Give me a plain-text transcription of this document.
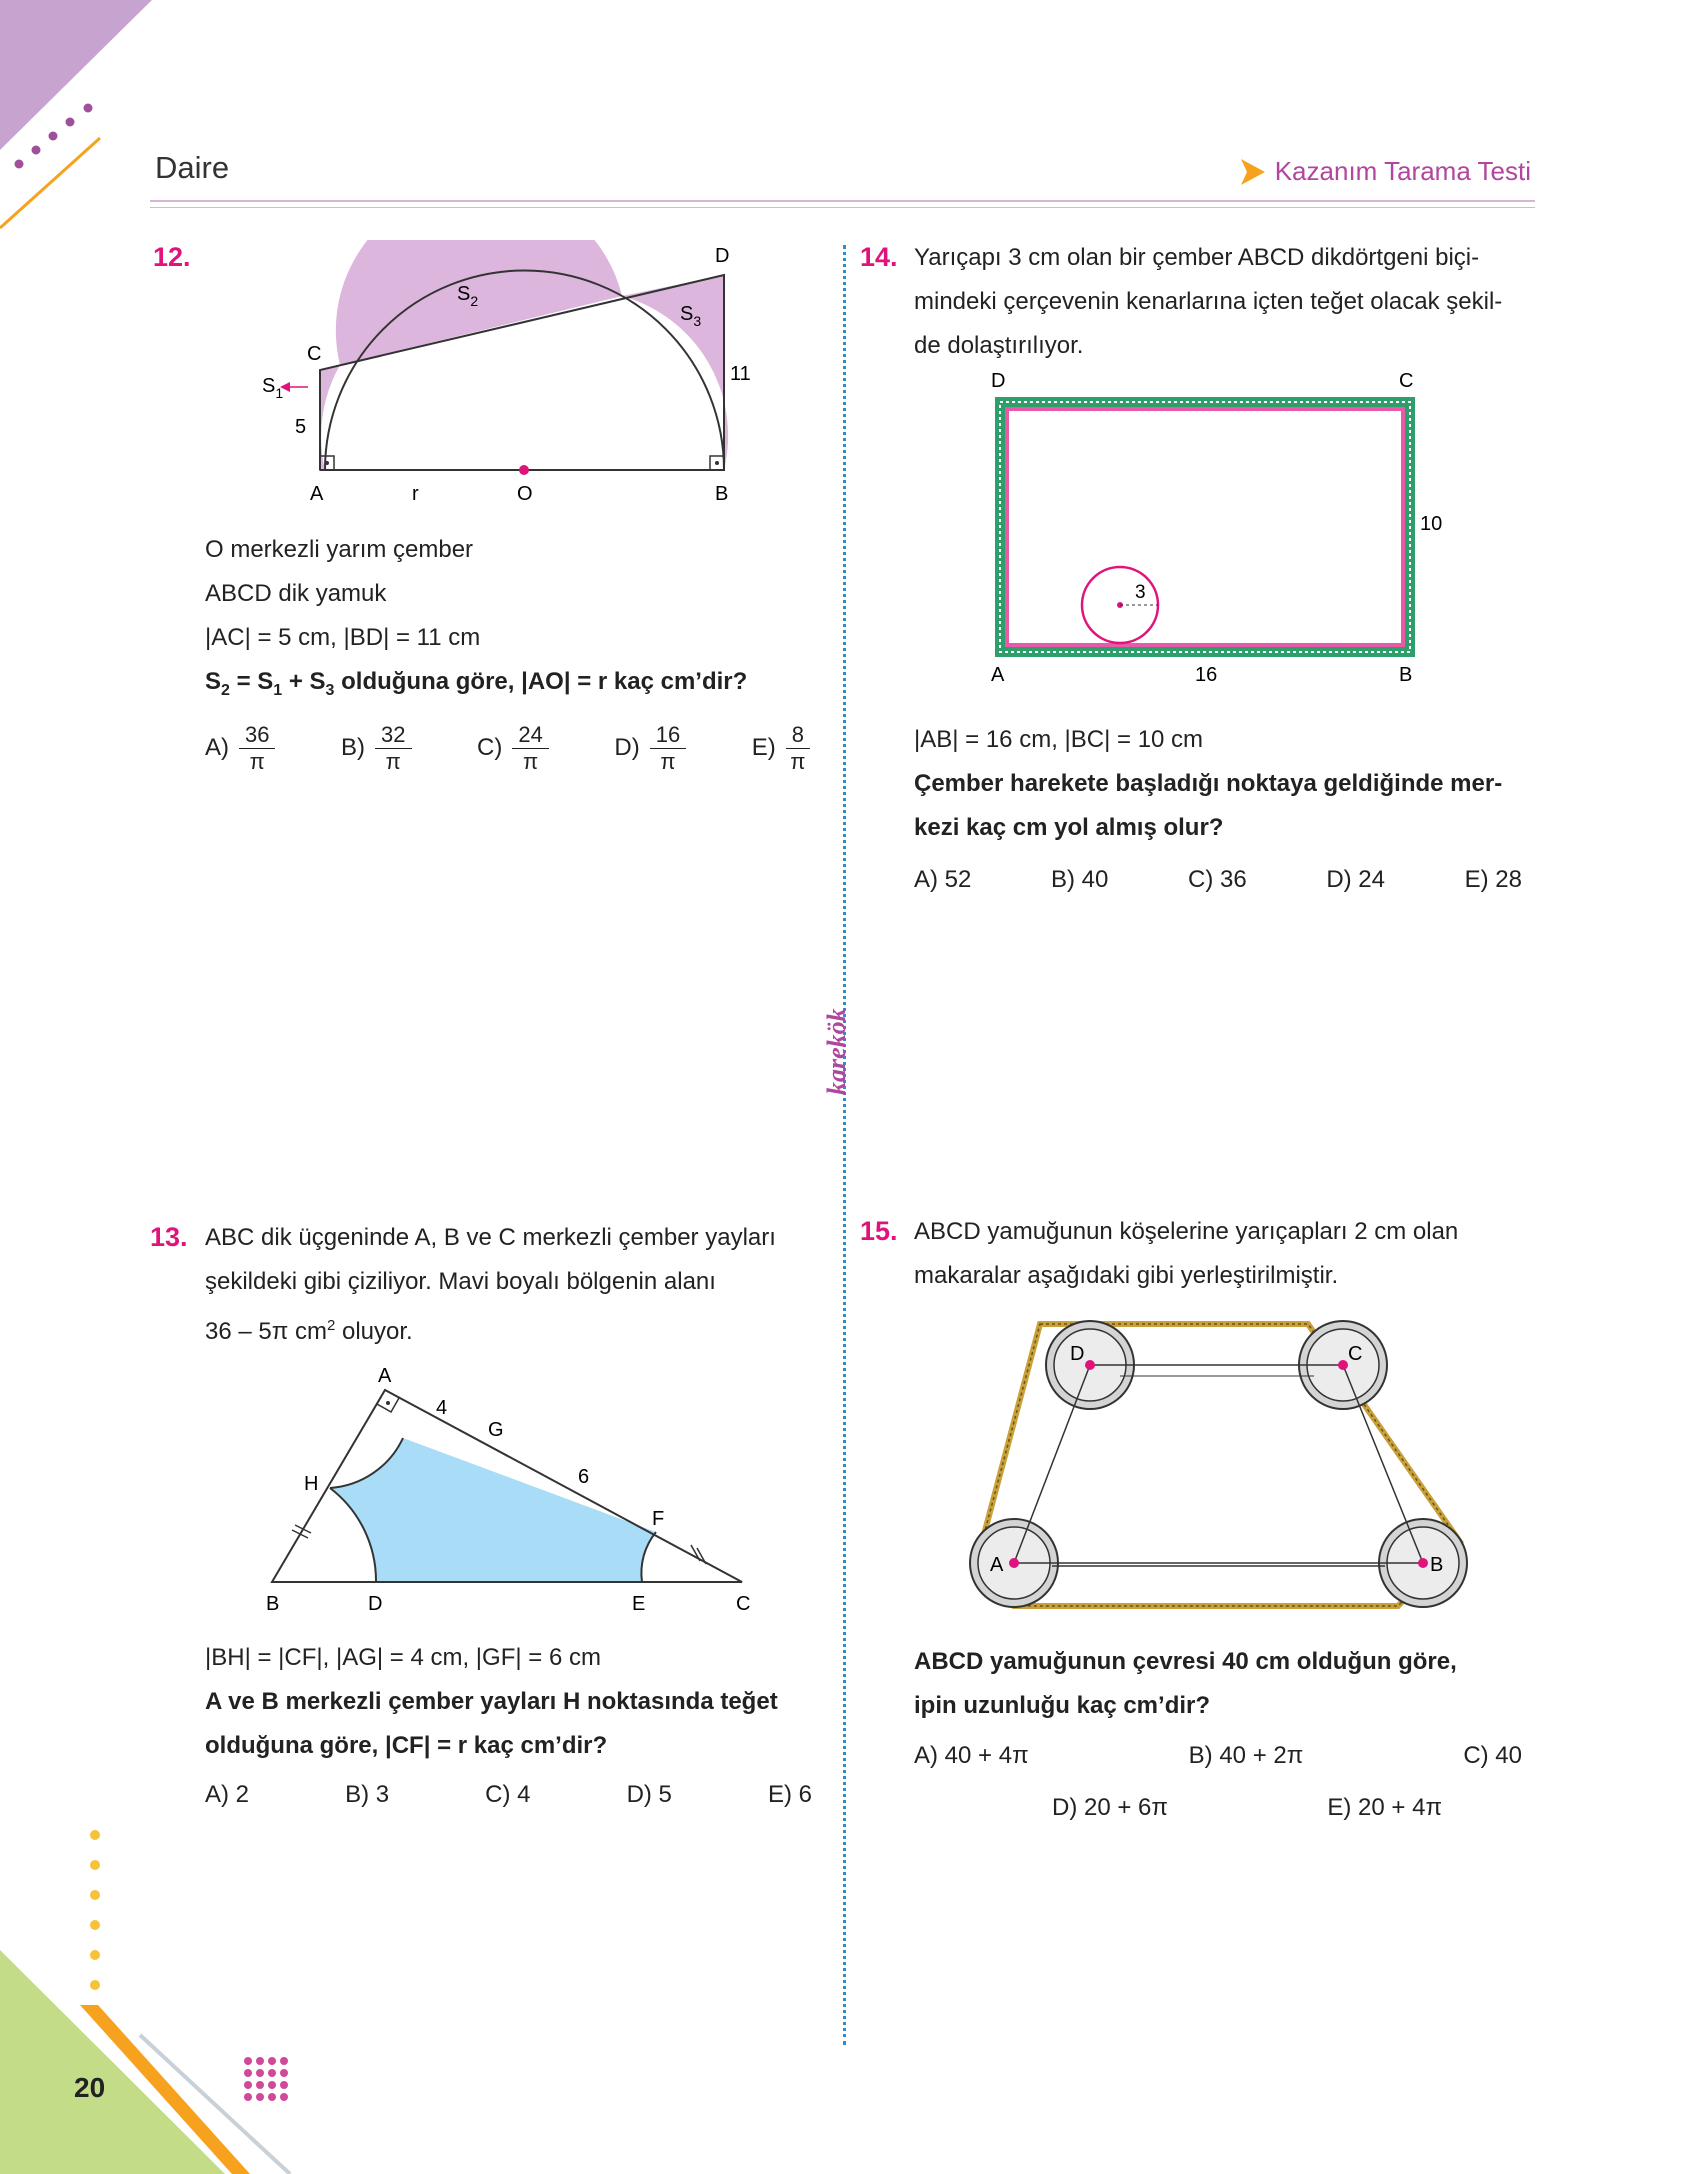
Daire	Kazanım Tarama Testi
karekök
12.
A	r	O	B
D
C
5
11
$S_1$
$S_2$
$S_3$
O merkezli yarım çember
ABCD dik yamuk
|AC| = 5 cm, |BD| = 11 cm
$S_2 = S_1 + S_3$ olduğuna göre, |AO| = r kaç cm’dir?
$A) \frac{36}{\pi}$	$B) \frac{32}{\pi}$	$C) \frac{24}{\pi}$	$D) \frac{16}{\pi}$	$E) \frac{8}{\pi}$
13. ABC dik üçgeninde A, B ve C merkezli çember yayları
şekildeki gibi çiziliyor. Mavi boyalı bölgenin alanı
36 – 5π $cm^2$ oluyor.
A
4
G
6
F
H
B	D	E	C
|BH| = |CF|, |AG| = 4 cm, |GF| = 6 cm
A ve B merkezli çember yayları H noktasında teğet
olduğuna göre, |CF| = r kaç cm’dir?
A) 2	B) 3	C) 4	D) 5	E) 6
14. Yarıçapı 3 cm olan bir çember ABCD dikdörtgeni biçi-
mindeki çerçevenin kenarlarına içten teğet olacak şekil-
de dolaştırılıyor.
3
D	C
A	B
16
10
|AB| = 16 cm, |BC| = 10 cm
Çember harekete başladığı noktaya geldiğinde mer-
kezi kaç cm yol almış olur?
A) 52	B) 40	C) 36	D) 24	E) 28
15. ABCD yamuğunun köşelerine yarıçapları 2 cm olan
makaralar aşağıdaki gibi yerleştirilmiştir.
D	C
A	B
ABCD yamuğunun çevresi 40 cm olduğun göre,
ipin uzunluğu kaç cm’dir?
A) 40 + 4π	B) 40 + 2π	C) 40
D) 20 + 6π	E) 20 + 4π
20
